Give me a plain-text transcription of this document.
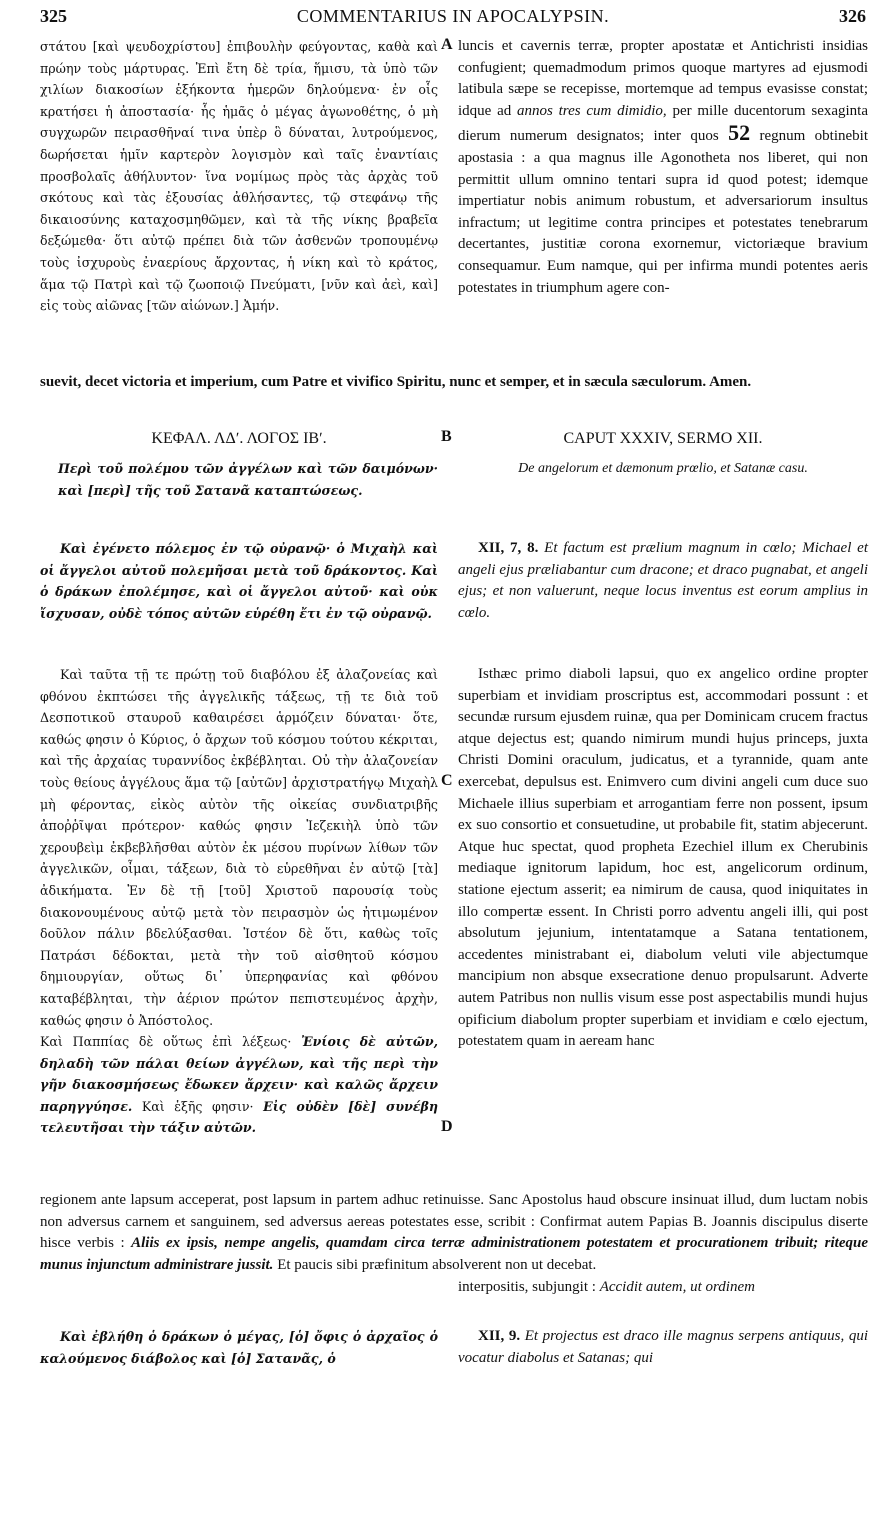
325	COMMENTARIUS IN APOCALYPSIN.	326
A
B
C
D

στάτου [καὶ ψευδοχρίστου] ἐπιβουλὴν φεύγοντας, καθὰ καὶ πρώην τοὺς μάρτυρας. Ἐπὶ ἔτη δὲ τρία, ἥμισυ, τὰ ὑπὸ τῶν χιλίων διακοσίων ἑξήκοντα ἡμερῶν δηλούμενα· ἐν οἷς κρατήσει ἡ ἀποστασία· ἧς ἡμᾶς ὁ μέγας ἀγωνοθέτης, ὁ μὴ συγχωρῶν πειρασθῆναί τινα ὑπὲρ ὃ δύναται, λυτρούμενος, δωρήσεται ἡμῖν καρτερὸν λογισμὸν καὶ ταῖς ἐναντίαις προσβολαῖς ἀθήλυντον· ἵνα νομίμως πρὸς τὰς ἀρχὰς τοῦ σκότους καὶ τὰς ἐξουσίας ἀθλήσαντες, τῷ στεφάνῳ τῆς δικαιοσύνης καταχοσμηθῶμεν, καὶ τὰ τῆς νίκης βραβεῖα δεξώμεθα· ὅτι αὐτῷ πρέπει διὰ τῶν ἀσθενῶν τροπουμένῳ τοὺς ἰσχυροὺς ἐναερίους ἄρχοντας, ἡ νίκη καὶ τὸ κράτος, ἅμα τῷ Πατρὶ καὶ τῷ ζωοποιῷ Πνεύματι, [νῦν καὶ ἀεὶ, καὶ] εἰς τοὺς αἰῶνας [τῶν αἰώνων.] Ἀμήν.

luncis et cavernis terræ, propter apostatæ et Antichristi insidias confugient; quemadmodum primos quoque martyres ad ejusmodi latibula sæpe se recepisse, mortemque ad tempus evasisse constat; idque ad annos tres cum dimidio, per mille ducentorum sexaginta dierum numerum designatos; inter quos 52 regnum obtinebit apostasia : a qua magnus ille Agonotheta nos liberet, qui non permittit ullum omnino tentari supra id quod potest; idemque impertiatur nobis animum robustum, et adversariorum insultus infractum; ut legitime contra principes et potestates tenebrarum decertantes, justitiæ corona exornemur, victoriæque bravium consequamur. Eum namque, qui per infirma mundi potentes aeris potestates in triumphum agere con-

suevit, decet victoria et imperium, cum Patre et vivifico Spiritu, nunc et semper, et in sæcula sæculorum. Amen.

ΚΕΦΑΛ. ΛΔʹ. ΛΟΓΟΣ ΙΒʹ.

Περὶ τοῦ πολέμου τῶν ἀγγέλων καὶ τῶν δαιμόνων· καὶ [περὶ] τῆς τοῦ Σατανᾶ καταπτώσεως.

CAPUT XXXIV, SERMO XII.

De angelorum et dæmonum prœlio, et Satanæ casu.

Καὶ ἐγένετο πόλεμος ἐν τῷ οὐρανῷ· ὁ Μιχαὴλ καὶ οἱ ἄγγελοι αὐτοῦ πολεμῆσαι μετὰ τοῦ δράκοντος. Καὶ ὁ δράκων ἐπολέμησε, καὶ οἱ ἄγγελοι αὐτοῦ· καὶ οὐκ ἴσχυσαν, οὐδὲ τόπος αὐτῶν εὑρέθη ἔτι ἐν τῷ οὐρανῷ.

XII, 7, 8. Et factum est prælium magnum in cœlo; Michael et angeli ejus præliabantur cum dracone; et draco pugnabat, et angeli ejus; et non valuerunt, neque locus inventus est eorum amplius in cœlo.

Καὶ ταῦτα τῇ τε πρώτῃ τοῦ διαβόλου ἐξ ἀλαζονείας καὶ φθόνου ἐκπτώσει τῆς ἀγγελικῆς τάξεως, τῇ τε διὰ τοῦ Δεσποτικοῦ σταυροῦ καθαιρέσει ἁρμόζειν δύναται· ὅτε, καθώς φησιν ὁ Κύριος, ὁ ἄρχων τοῦ κόσμου τούτου κέκριται, καὶ τῆς ἀρχαίας τυραννίδος ἐκβέβληται. Οὐ τὴν ἀλαζονείαν τοὺς θείους ἀγγέλους ἅμα τῷ [αὐτῶν] ἀρχιστρατήγῳ Μιχαὴλ μὴ φέροντας, εἰκὸς αὐτὸν τῆς οἰκείας συνδιατριβῆς ἀποῤῥῖψαι πρότερον· καθώς φησιν Ἰεζεκιὴλ ὑπὸ τῶν χερουβεὶμ ἐκβεβλῆσθαι αὐτὸν ἐκ μέσου πυρίνων λίθων τῶν ἀγγελικῶν, οἶμαι, τάξεων, διὰ τὸ εὑρεθῆναι ἐν αὐτῷ [τὰ] ἀδικήματα. Ἐν δὲ τῇ [τοῦ] Χριστοῦ παρουσίᾳ τοὺς διακονουμένους αὐτῷ μετὰ τὸν πειρασμὸν ὡς ἠτιμωμένον δοῦλον πάλιν βδελύξασθαι. Ἰστέον δὲ ὅτι, καθὼς τοῖς Πατράσι δέδοκται, μετὰ τὴν τοῦ αἰσθητοῦ κόσμου δημιουργίαν, οὕτως δι᾽ ὑπερηφανίας καὶ φθόνου καταβέβληται, τὴν ἀέριον πρώτον πεπιστευμένος ἀρχὴν, καθώς φησιν ὁ Ἀπόστολος.

Καὶ Παππίας δὲ οὕτως ἐπὶ λέξεως· Ἐνίοις δὲ αὐτῶν, δηλαδὴ τῶν πάλαι θείων ἀγγέλων, καὶ τῆς περὶ τὴν γῆν διακοσμήσεως ἔδωκεν ἄρχειν· καὶ καλῶς ἄρχειν παρηγγύησε. Καὶ ἑξῆς φησιν· Εἰς οὐδὲν [δὲ] συνέβη τελευτῆσαι τὴν τάξιν αὐτῶν.

Isthæc primo diaboli lapsui, quo ex angelico ordine propter superbiam et invidiam proscriptus est, accommodari possunt : et secundæ rursum ejusdem ruinæ, qua per Dominicam crucem fractus atque dejectus est; quando nimirum mundi hujus princeps, juxta Christi Domini oraculum, judicatus, et a tyrannide, quam ante exercebat, depulsus est. Enimvero cum divini angeli cum duce suo Michaele illius superbiam et arrogantiam ferre non possent, ipsum ex suo consortio et consuetudine, ut probabile fit, statim abjecerunt. Atque huc spectat, quod propheta Ezechiel illum ex Cherubinis mediaque ignitorum lapidum, hoc est, angelicorum ordinum, statione ejectum asserit; ea nimirum de causa, quod iniquitates in illo compertæ essent. In Christi porro adventu angeli illi, qui post absolutum jejunium, intentatamque a Satana tentationem, accedentes ministrabant ei, diabolum veluti vile abjectumque mancipium non absque exsecratione denuo propulsarunt. Adverte autem Patribus non nullis visum esse post aspectabilis mundi hujus opificium diabolum propter superbiam et invidiam e cœlo ejectum, potestatem quam in aeream hanc

regionem ante lapsum acceperat, post lapsum in partem adhuc retinuisse. Sanc Apostolus haud obscure insinuat illud, dum luctam nobis non adversus carnem et sanguinem, sed adversus aereas potestates esse, scribit : Confirmat autem Papias B. Joannis discipulus diserte hisce verbis : Aliis ex ipsis, nempe angelis, quamdam circa terræ administrationem potestatem et procurationem tribuit; riteque munus injunctum administrare jussit. Et paucis sibi præfinitum absolverent non ut decebat.

interpositis, subjungit : Accidit autem, ut ordinem

Καὶ ἐβλήθη ὁ δράκων ὁ μέγας, [ὁ] ὄφις ὁ ἀρχαῖος ὁ καλούμενος διάβολος καὶ [ὁ] Σατανᾶς, ὁ

XII, 9. Et projectus est draco ille magnus serpens antiquus, qui vocatur diabolus et Satanas; qui
